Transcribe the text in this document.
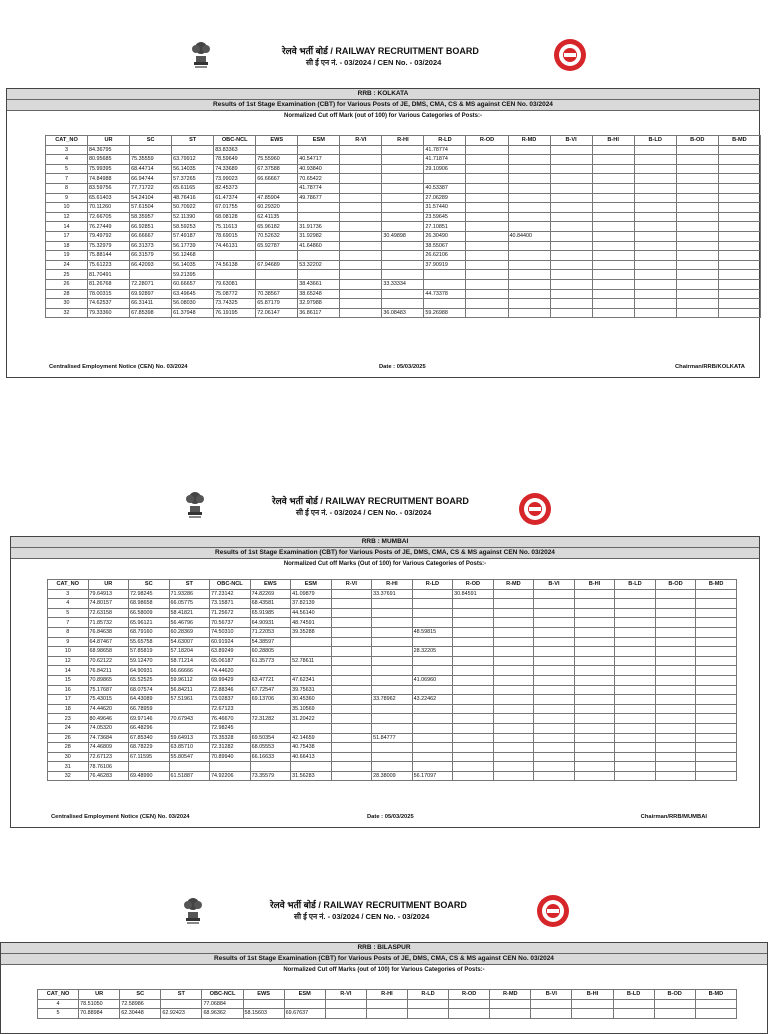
रेलवे भर्ती बोर्ड / RAILWAY RECRUITMENT BOARD
सी ई एन नं. - 03/2024 / CEN No. - 03/2024
RRB : KOLKATA
Results of 1st Stage Examination (CBT) for Various Posts of JE, DMS, CMA, CS & MS against CEN No. 03/2024
Normalized Cut off Mark (out of 100) for Various Categories of Posts:-
CAT_NO	UR	SC	ST	OBC-NCL	EWS	ESM	R-VI	R-HI	R-LD	R-OD	R-MD	B-VI	B-HI	B-LD	B-OD	B-MD
3	84.36795			83.83363					41.78774							
4	80.95685	75.35559	63.79912	78.59649	75.55960	40.54717			41.71874							
5	75.99395	68.44714	56.14035	74.33689	67.37588	40.93840			29.10906							
7	74.84988	66.94744	57.37265	73.99023	66.66667	70.65422										
8	83.59756	77.71722	65.61165	82.45373		41.78774			40.53387							
9	65.61403	54.24104	48.76416	61.47374	47.85904	49.78677			27.06289							
10	70.11260	57.61504	50.70922	67.01755	60.29320				31.57440							
12	72.66705	58.35957	52.11390	68.08128	62.41135				23.59645							
14	76.27449	66.92851	58.59253	75.11613	65.96182	31.91736			27.10851							
17	79.49792	66.66667	57.49187	78.69015	70.52632	31.92982		30.49898	26.30490		40.84400					
18	75.32979	66.31373	56.17739	74.46131	65.92787	41.64860			38.55067							
19	75.88144	66.31579	56.12468						26.62106							
24	75.61223	66.42093	56.14035	74.56138	67.94689	53.32202			37.90919							
25	81.70491		59.21395													
26	81.26768	72.28071	60.66657	79.63081		38.43661		33.33334								
28	78.00315	69.92897	63.49645	75.08772	70.38567	38.65248			44.73378							
30	74.62537	66.31411	56.08030	73.74325	65.87179	32.97988										
32	79.33360	67.85398	61.37948	76.19195	72.06147	36.86117		36.08483	59.26988							
Centralised Employment Notice (CEN) No. 03/2024	Date : 05/03/2025	Chairman/RRB/KOLKATA
रेलवे भर्ती बोर्ड / RAILWAY RECRUITMENT BOARD
सी ई एन नं. - 03/2024 / CEN No. - 03/2024
RRB : MUMBAI
Results of 1st Stage Examination (CBT) for Various Posts of JE, DMS, CMA, CS & MS against CEN No. 03/2024
Normalized Cut off Marks (Out of 100) for Various Categories of Posts:-
CAT_NO	UR	SC	ST	OBC-NCL	EWS	ESM	R-VI	R-HI	R-LD	R-OD	R-MD	B-VI	B-HI	B-LD	B-OD	B-MD
3	79.64913	72.98245	71.93286	77.23142	74.82269	41.09879		33.37691		30.84591						
4	74.80157	68.98658	66.05775	73.15871	68.43581	37.82139										
5	72.63158	66.58009	58.41821	71.25672	65.91985	44.56140										
7	71.85732	65.96121	56.46796	70.56737	64.90931	48.74591										
8	76.84638	68.79160	60.28369	74.50310	71.22053	39.35288			48.59815							
9	64.87467	55.65758	54.63007	60.91924	54.38597											
10	68.98658	57.85819	57.18204	63.89249	60.28805				28.32205							
12	70.62122	59.12470	58.71214	65.06187	61.35773	52.78611										
14	76.84211	64.90931	66.66666	74.44620												
15	70.89865	65.52525	59.96112	69.99429	63.47721	47.62341			41.06960							
16	75.17687	68.07574	56.84211	72.88346	67.72547	39.75631										
17	75.43015	64.43089	57.51961	73.02837	69.13706	30.45360		33.78962	43.22462							
18	74.44620	66.78959		72.67123		35.10569										
23	80.49646	69.97146	70.67943	76.46670	72.31282	31.20422										
24	74.05320	66.48296		72.98245												
26	74.73684	67.85340	59.64913	73.35328	69.50354	42.14659		51.84777								
28	74.46809	68.78229	63.85710	72.31282	68.05553	40.75438										
30	72.67123	67.11595	55.80547	70.89940	66.16633	40.66413										
31	78.76106															
32	76.46283	69.48990	61.51887	74.92206	73.35579	31.56283		28.38009	56.17097							
Centralised Employment Notice (CEN) No. 03/2024	Date : 05/03/2025	Chairman/RRB/MUMBAI
रेलवे भर्ती बोर्ड / RAILWAY RECRUITMENT BOARD
सी ई एन नं. - 03/2024 / CEN No. - 03/2024
RRB : BILASPUR
Results of 1st Stage Examination (CBT) for Various Posts of JE, DMS, CMA, CS & MS against CEN No. 03/2024
Normalized Cut off Marks (out of 100) for Various Categories of Posts:-
CAT_NO	UR	SC	ST	OBC-NCL	EWS	ESM	R-VI	R-HI	R-LD	R-OD	R-MD	B-VI	B-HI	B-LD	B-OD	B-MD
4	78.51050	72.58986		77.06884												
5	70.88984	62.30448	62.92423	68.96362	58.15603	69.67637										
